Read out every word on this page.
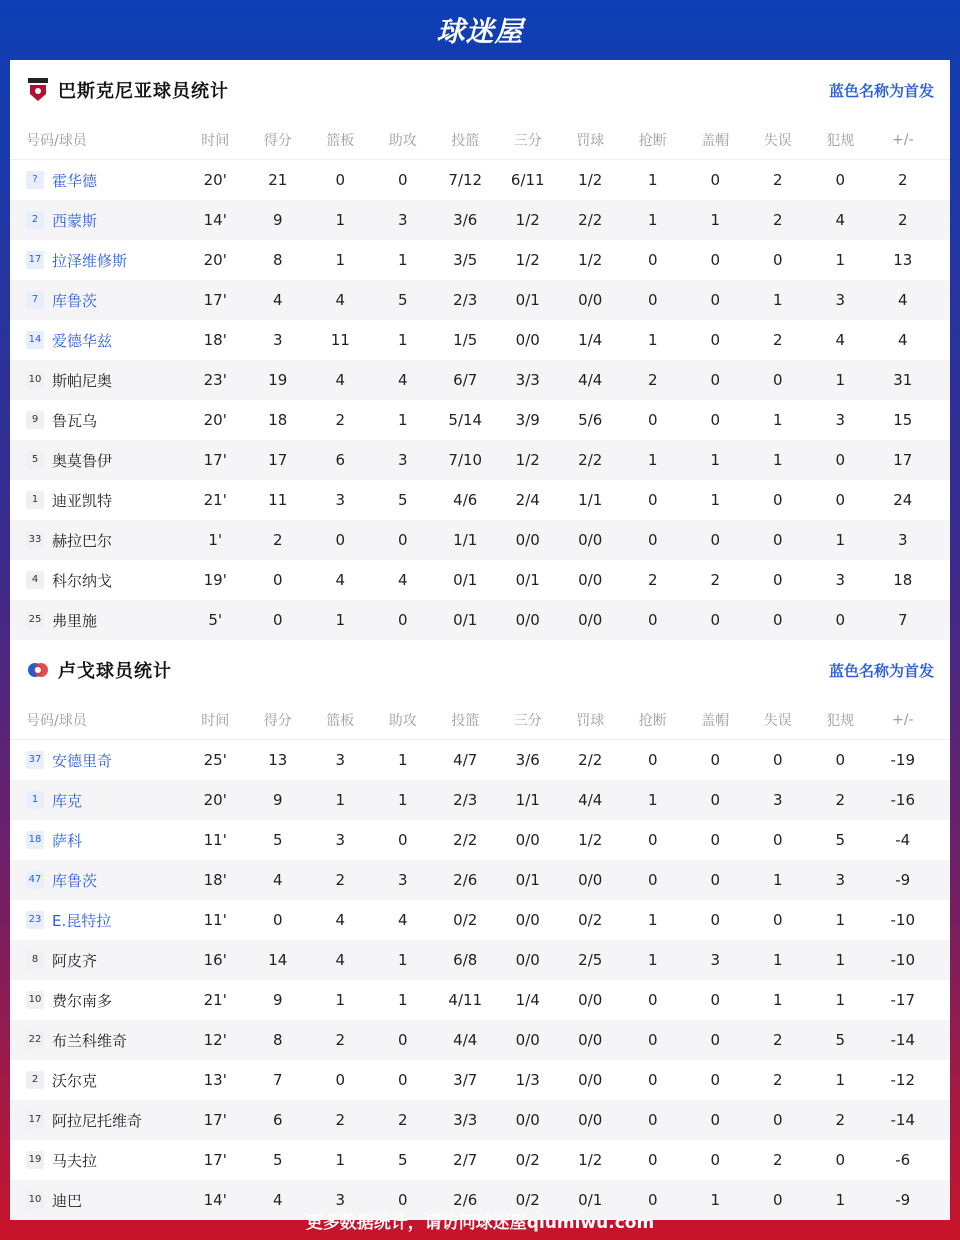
球迷屋
巴斯克尼亚球员统计	蓝色名称为首发
号码/球员	时间	得分	篮板	助攻	投篮	三分	罚球	抢断	盖帽	失误	犯规	+/-
? 霍华德	20'	21	0	0	7/12	6/11	1/2	1	0	2	0	2
2 西蒙斯	14'	9	1	3	3/6	1/2	2/2	1	1	2	4	2
17 拉泽维修斯	20'	8	1	1	3/5	1/2	1/2	0	0	0	1	13
7 库鲁茨	17'	4	4	5	2/3	0/1	0/0	0	0	1	3	4
14 爱德华兹	18'	3	11	1	1/5	0/0	1/4	1	0	2	4	4
10 斯帕尼奥	23'	19	4	4	6/7	3/3	4/4	2	0	0	1	31
9 鲁瓦乌	20'	18	2	1	5/14	3/9	5/6	0	0	1	3	15
5 奥莫鲁伊	17'	17	6	3	7/10	1/2	2/2	1	1	1	0	17
1 迪亚凯特	21'	11	3	5	4/6	2/4	1/1	0	1	0	0	24
33 赫拉巴尔	1'	2	0	0	1/1	0/0	0/0	0	0	0	1	3
4 科尔纳戈	19'	0	4	4	0/1	0/1	0/0	2	2	0	3	18
25 弗里施	5'	0	1	0	0/1	0/0	0/0	0	0	0	0	7
卢戈球员统计	蓝色名称为首发
号码/球员	时间	得分	篮板	助攻	投篮	三分	罚球	抢断	盖帽	失误	犯规	+/-
37 安德里奇	25'	13	3	1	4/7	3/6	2/2	0	0	0	0	-19
1 库克	20'	9	1	1	2/3	1/1	4/4	1	0	3	2	-16
18 萨科	11'	5	3	0	2/2	0/0	1/2	0	0	0	5	-4
47 库鲁茨	18'	4	2	3	2/6	0/1	0/0	0	0	1	3	-9
23 E.昆特拉	11'	0	4	4	0/2	0/0	0/2	1	0	0	1	-10
8 阿皮齐	16'	14	4	1	6/8	0/0	2/5	1	3	1	1	-10
10 费尔南多	21'	9	1	1	4/11	1/4	0/0	0	0	1	1	-17
22 布兰科维奇	12'	8	2	0	4/4	0/0	0/0	0	0	2	5	-14
2 沃尔克	13'	7	0	0	3/7	1/3	0/0	0	0	2	1	-12
17 阿拉尼托维奇	17'	6	2	2	3/3	0/0	0/0	0	0	0	2	-14
19 马夫拉	17'	5	1	5	2/7	0/2	1/2	0	0	2	0	-6
10 迪巴	14'	4	3	0	2/6	0/2	0/1	0	1	0	1	-9
更多数据统计，请访问球迷屋qiumiwu.com
